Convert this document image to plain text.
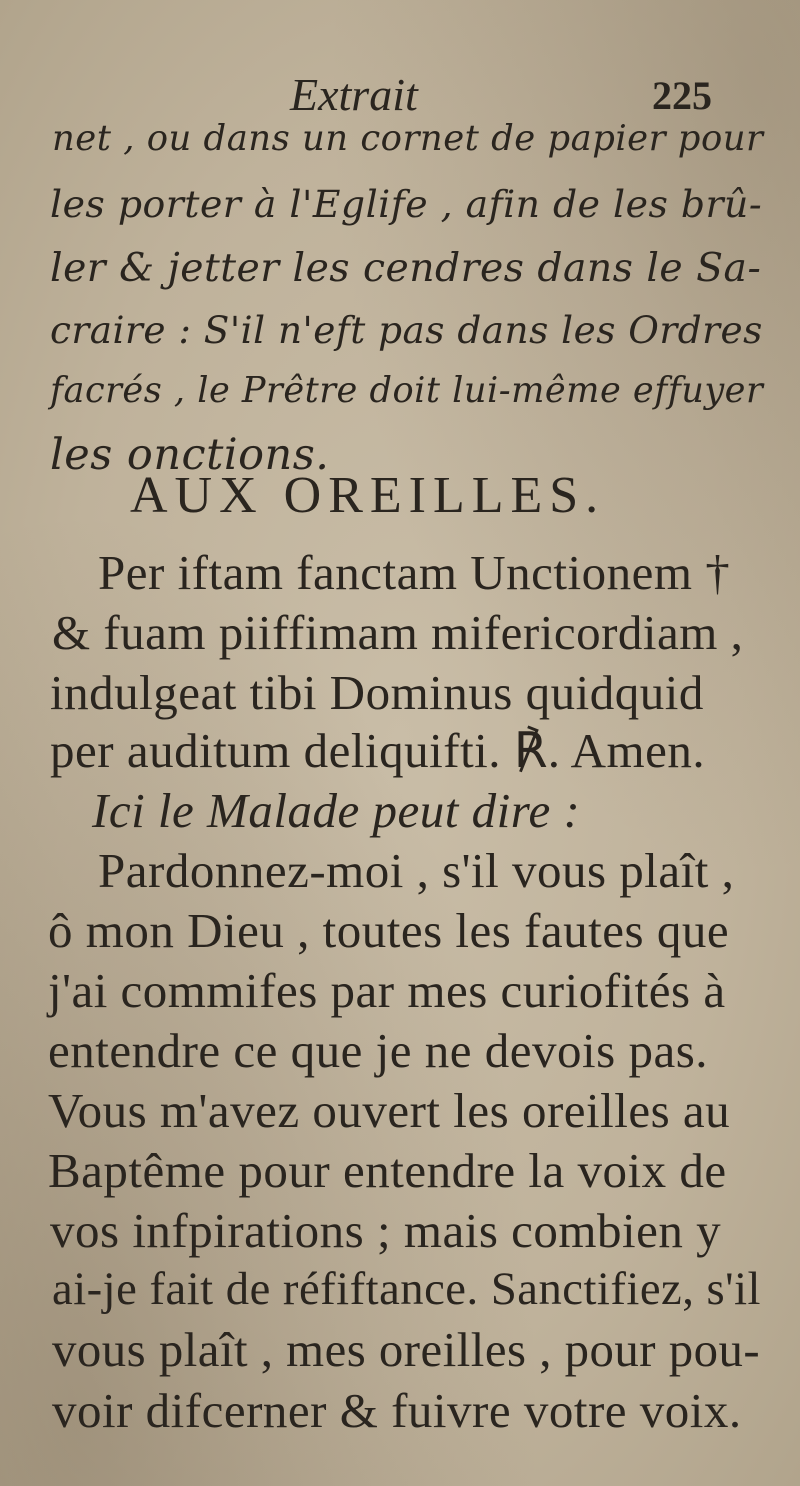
Extrait	225
net , ou dans un cornet de papier pour
les porter à l'Eglife , afin de les brû-
ler & jetter les cendres dans le Sa-
craire : S'il n'eft pas dans les Ordres
facrés , le Prêtre doit lui-même effuyer
les onctions.
AUX OREILLES.
Per iftam fanctam Unctionem †
& fuam piiffimam mifericordiam ,
indulgeat tibi Dominus quidquid
per auditum deliquifti. ℟. Amen.
Ici le Malade peut dire :
Pardonnez-moi , s'il vous plaît ,
ô mon Dieu , toutes les fautes que
j'ai commifes par mes curiofités à
entendre ce que je ne devois pas.
Vous m'avez ouvert les oreilles au
Baptême pour entendre la voix de
vos infpirations ; mais combien y
ai-je fait de réfiftance. Sanctifiez, s'il
vous plaît , mes oreilles , pour pou-
voir difcerner & fuivre votre voix.
